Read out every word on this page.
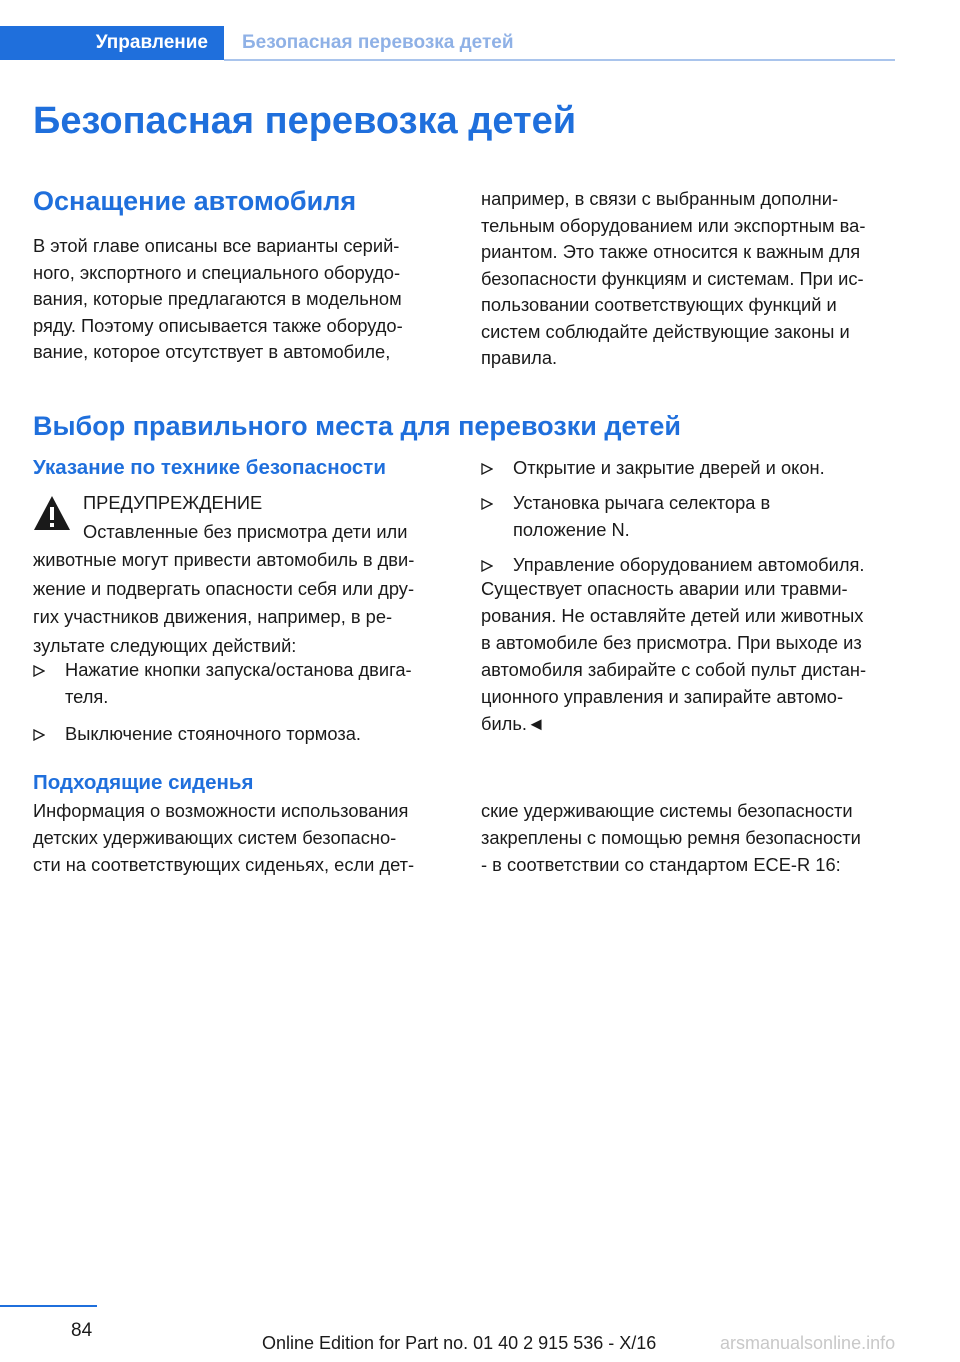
Управление Безопасная перевозка детей
Безопасная перевозка детей
Оснащение автомобиля

В этой главе описаны все варианты серий-

ного, экспортного и специального оборудо-

вания, которые предлагаются в модельном

ряду. Поэтому описывается также оборудо-

вание, которое отсутствует в автомобиле,

например, в связи с выбранным дополни-

тельным оборудованием или экспортным ва-

риантом. Это также относится к важным для

безопасности функциям и системам. При ис-

пользовании соответствующих функций и

систем соблюдайте действующие законы и

правила.

Выбор правильного места для перевозки детей
Указание по технике безопасности
ПРЕДУПРЕЖДЕНИЕ
Оставленные без присмотра дети или
животные могут привести автомобиль в дви-
жение и подвергать опасности себя или дру-
гих участников движения, например, в ре-
зультате следующих действий:

Нажатие кнопки запуска/останова двига-

теля.

Выключение стояночного тормоза.

Открытие и закрытие дверей и окон.

Установка рычага селектора в

положение N.

Управление оборудованием автомобиля.

Существует опасность аварии или травми-

рования. Не оставляйте детей или животных

в автомобиле без присмотра. При выходе из

автомобиля забирайте с собой пульт дистан-

ционного управления и запирайте автомо-

биль.◄

Подходящие сиденья

Информация о возможности использования

детских удерживающих систем безопасно-

сти на соответствующих сиденьях, если дет-

ские удерживающие системы безопасности

закреплены с помощью ремня безопасности

- в соответствии со стандартом ECE-R 16:

84
Online Edition for Part no. 01 40 2 915 536 - X/16	arsmanualsonline.info
